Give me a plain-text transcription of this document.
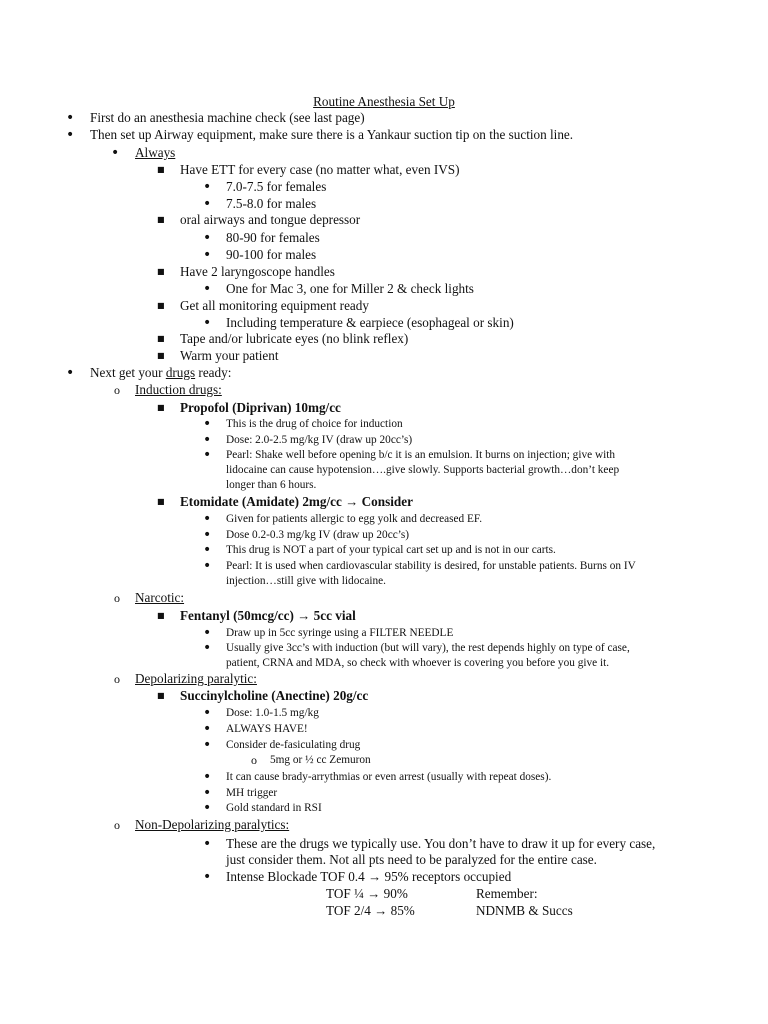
Routine Anesthesia Set Up
• First do an anesthesia machine check (see last page)
• Then set up Airway equipment, make sure there is a Yankaur suction tip on the suction line.
• Always
■ Have ETT for every case (no matter what, even IVS)
• 7.0-7.5 for females
• 7.5-8.0 for males
■ oral airways and tongue depressor
• 80-90 for females
• 90-100 for males
■ Have 2 laryngoscope handles
• One for Mac 3, one for Miller 2 & check lights
■ Get all monitoring equipment ready
• Including temperature & earpiece (esophageal or skin)
■ Tape and/or lubricate eyes (no blink reflex)
■ Warm your patient
• Next get your drugs ready:
o Induction drugs:
■ Propofol (Diprivan) 10mg/cc
• This is the drug of choice for induction
• Dose: 2.0-2.5 mg/kg IV (draw up 20cc’s)
• Pearl: Shake well before opening b/c it is an emulsion. It burns on injection; give with
lidocaine can cause hypotension….give slowly. Supports bacterial growth…don’t keep
longer than 6 hours.
■ Etomidate (Amidate) 2mg/cc → Consider
• Given for patients allergic to egg yolk and decreased EF.
• Dose 0.2-0.3 mg/kg IV (draw up 20cc’s)
• This drug is NOT a part of your typical cart set up and is not in our carts.
• Pearl: It is used when cardiovascular stability is desired, for unstable patients. Burns on IV
injection…still give with lidocaine.
o Narcotic:
■ Fentanyl (50mcg/cc) → 5cc vial
• Draw up in 5cc syringe using a FILTER NEEDLE
• Usually give 3cc’s with induction (but will vary), the rest depends highly on type of case,
patient, CRNA and MDA, so check with whoever is covering you before you give it.
o Depolarizing paralytic:
■ Succinylcholine (Anectine) 20g/cc
• Dose: 1.0-1.5 mg/kg
• ALWAYS HAVE!
• Consider de-fasiculating drug
o 5mg or ½ cc Zemuron
• It can cause brady-arrythmias or even arrest (usually with repeat doses).
• MH trigger
• Gold standard in RSI
o Non-Depolarizing paralytics:
• These are the drugs we typically use. You don’t have to draw it up for every case,
just consider them. Not all pts need to be paralyzed for the entire case.
• Intense Blockade TOF 0.4 → 95% receptors occupied
TOF ¼ → 90%	Remember:
TOF 2/4 → 85%	NDNMB & Succs
